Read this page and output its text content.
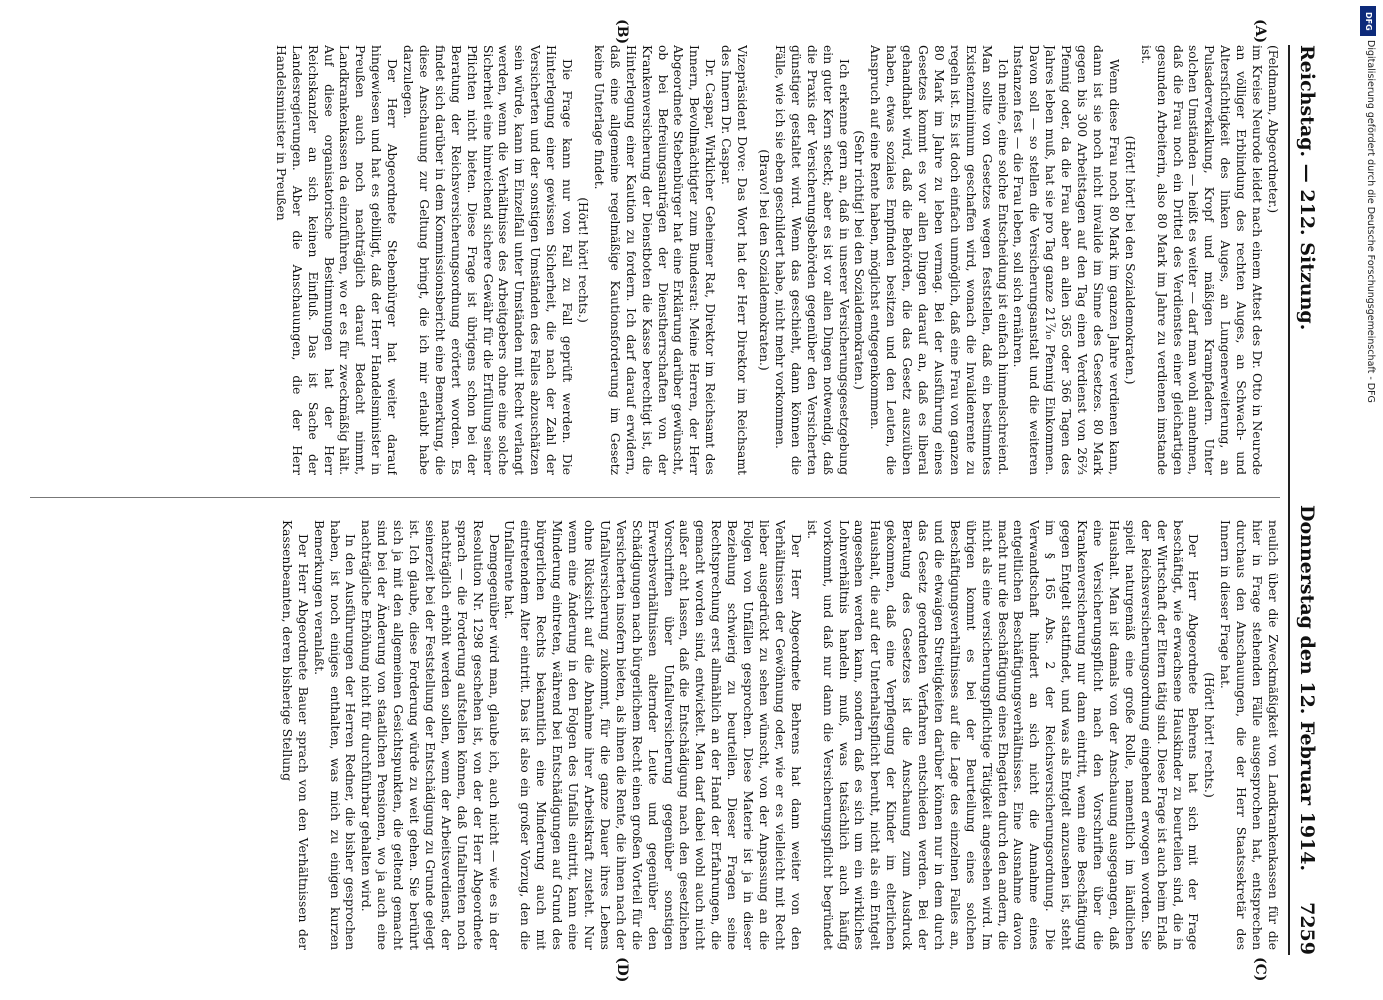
Reichstag. — 212. Sitzung.
Donnerstag den 12. Februar 1914.
7259

(Feldmann, Abgeordneter.)

im Kreise Neurode leidet nach einem Attest des Dr. Otto in Neurode an völliger Erblindung des rechten Auges, an Schwach- und Altersſichtigkeit des linken Auges, an Lungenerweiterung, an Pulsaderverkalkung, Kropf und mäßigen Krampfadern. Unter solchen Umständen — heißt es weiter — darf man wohl annehmen, daß die Frau noch ein Drittel des Verdienstes einer gleichartigen gesunden Arbeiterin, also 80 Mark im Jahre zu verdienen imstande ist.

(Hört! hört! bei den Sozialdemokraten.)

Wenn diese Frau noch 80 Mark im ganzen Jahre verdienen kann, dann ist sie noch nicht invalide im Sinne des Gesetzes. 80 Mark gegen bis 300 Arbeitstagen auf den Tag einen Verdienst von 26⅔ Pfennig oder, da die Frau aber an allen 365 oder 366 Tagen des Jahres leben muß, hat sie pro Tag ganze 21⁷⁄₁₀ Pfennig Einkommen. Davon soll — so stellen die Versicherungsanstalt und die weiteren Instanzen fest — die Frau leben, soll sich ernähren.

Ich meine, eine solche Entscheidung ist einfach himmelschreiend. Man sollte von Gesetzes wegen feststellen, daß ein bestimmtes Existenzminimum geschaffen wird, wonach die Invalidenrente zu regeln ist. Es ist doch einfach unmöglich, daß eine Frau von ganzen 80 Mark im Jahre zu leben vermag. Bei der Ausführung eines Gesetzes kommt es vor allen Dingen darauf an, daß es liberal gehandhabt wird, daß die Behörden, die das Gesetz auszuüben haben, etwas soziales Empfinden besitzen und den Leuten, die Anspruch auf eine Rente haben, möglichst entgegenkommen.

(Sehr richtig! bei den Sozialdemokraten.)

Ich erkenne gern an, daß in unserer Versicherungsgesetzgebung ein guter Kern steckt; aber es ist vor allen Dingen notwendig, daß die Praxis der Versicherungsbehörden gegenüber den Versicherten günstiger gestaltet wird. Wenn das geschieht, dann können die Fälle, wie ich sie eben geschildert habe, nicht mehr vorkommen.

(Bravo! bei den Sozialdemokraten.)

Vizepräsident Dove: Das Wort hat der Herr Direktor im Reichsamt des Innern Dr. Caspar.

Dr. Caspar, Wirklicher Geheimer Rat, Direktor im Reichsamt des Innern, Bevollmächtigter zum Bundesrat: Meine Herren, der Herr Abgeordnete Stebenbürger hat eine Erklärung darüber gewünscht, ob bei Befreiungsanträgen der Dienstherrschaften von der Krankenversicherung der Dienstboten die Kasse berechtigt ist, die Hinterlegung einer Kaution zu fordern. Ich darf darauf erwidern, daß eine allgemeine regelmäßige Kautionsforderung im Gesetz keine Unterlage findet.

(Hört! hört! rechts.)

Die Frage kann nur von Fall zu Fall geprüft werden. Die Hinterlegung einer gewissen Sicherheit, die nach der Zahl der Versicherten und der sonstigen Umständen des Falles abzuschätzen sein würde, kann im Einzelfall unter Umständen mit Recht verlangt werden, wenn die Verhältnisse des Arbeitgebers ohne eine solche Sicherheit eine hinreichend sichere Gewähr für die Erfüllung seiner Pflichten nicht bieten. Diese Frage ist übrigens schon bei der Beratung der Reichsversicherungsordnung erörtert worden. Es findet sich darüber in dem Kommissionsbericht eine Bemerkung, die diese Anschauung zur Geltung bringt, die ich mir erlaubt habe darzulegen.

Der Herr Abgeordnete Stebenbürger hat weiter darauf hingewiesen und hat es gebilligt, daß der Herr Handelsminister in Preußen auch noch nachträglich darauf Bedacht nimmt, Landkrankenkassen da einzuführen, wo er es für zweckmäßig hält. Auf diese organisatorische Bestimmungen hat der Herr Reichskanzler an sich keinen Einfluß. Das ist Sache der Landesregierungen. Aber die Anschauungen, die der Herr Handelsminister in Preußen

neulich über die Zweckmäßigkeit von Landkrankenkassen für die hier in Frage stehenden Fälle ausgesprochen hat, entsprechen durchaus den Anschauungen, die der Herr Staatssekretär des Innern in dieser Frage hat.

(Hört! hört! rechts.)

Der Herr Abgeordnete Behrens hat sich mit der Frage beschäftigt, wie erwachsene Hauskinder zu beurteilen sind, die in der Wirtschaft der Eltern tätig sind. Diese Frage ist auch beim Erlaß der Reichsversicherungsordnung eingehend erwogen worden. Sie spielt naturgemäß eine große Rolle, namentlich im ländlichen Haushalt. Man ist damals von der Anschauung ausgegangen, daß eine Versicherungspflicht nach den Vorschriften über die Krankenversicherung nur dann eintritt, wenn eine Beschäftigung gegen Entgelt stattfindet, und was als Entgelt anzusehen ist, steht im § 165 Abs. 2 der Reichsversicherungsordnung. Die Verwandtschaft hindert an sich nicht die Annahme eines entgeltlichen Beschäftigungsverhältnisses. Eine Ausnahme davon macht nur die Beschäftigung eines Ehegatten durch den andern, die nicht als eine versicherungspflichtige Tätigkeit angesehen wird. Im übrigen kommt es bei der Beurteilung eines solchen Beschäftigungsverhältnisses auf die Lage des einzelnen Falles an, und die etwaigen Streitigkeiten darüber können nur in dem durch das Gesetz geordneten Verfahren entschieden werden. Bei der Beratung des Gesetzes ist die Anschauung zum Ausdruck gekommen, daß eine Verpflegung der Kinder im elterlichen Haushalt, die auf der Unterhaltspflicht beruht, nicht als ein Entgelt angesehen werden kann, sondern daß es sich um ein wirkliches Lohnverhältnis handeln muß, was tatsächlich auch häufig vorkommt, und daß nur dann die Versicherungspflicht begründet ist.

Der Herr Abgeordnete Behrens hat dann weiter von den Verhältnissen der Gewöhnung oder, wie er es vielleicht mit Recht lieber ausgedrückt zu sehen wünscht, von der Anpassung an die Folgen von Unfällen gesprochen. Diese Materie ist ja in dieser Beziehung schwierig zu beurteilen. Dieser Fragen seine Rechtsprechung erst allmählich an der Hand der Erfahrungen, die gemacht worden sind, entwickelt. Man darf dabei wohl auch nicht außer acht lassen, daß die Entschädigung nach den gesetzlichen Vorschriften über Unfallversicherung gegenüber sonstigen Erwerbsverhältnissen alternder Leute und gegenüber den Schädigungen nach bürgerlichem Recht einen großen Vorteil für die Versicherten insofern bieten, als ihnen die Rente, die ihnen nach der Unfallversicherung zukommt, für die ganze Dauer ihres Lebens ohne Rücksicht auf die Abnahme ihrer Arbeitskraft zusteht. Nur wenn eine Änderung in den Folgen des Unfalls eintritt, kann eine Minderung eintreten, während bei Entschädigungen auf Grund des bürgerlichen Rechts bekanntlich eine Minderung auch mit eintretendem Alter eintritt. Das ist also ein großer Vorzug, den die Unfallrente hat.

Demgegenüber wird man, glaube ich, auch nicht — wie es in der Resolution Nr. 1298 geschehen ist, von der der Herr Abgeordnete sprach — die Forderung aufstellen können, daß Unfallrenten noch nachträglich erhöht werden sollen, wenn der Arbeitsverdienst, der seinerzeit bei der Feststellung der Entschädigung zu Grunde gelegt ist. Ich glaube, diese Forderung würde zu weit gehen. Sie berührt sich ja mit den allgemeinen Gesichtspunkten, die geltend gemacht sind bei der Änderung von staatlichen Pensionen, wo ja auch eine nachträgliche Erhöhung nicht für durchführbar gehalten wird.

In den Ausführungen der Herren Redner, die bisher gesprochen haben, ist noch einiges enthalten, was mich zu einigen kurzen Bemerkungen veranlaßt.

Der Herr Abgeordnete Bauer sprach von den Verhältnissen der Kassenbeamten, deren bisherige Stellung

(A)
(B)
(C)
(D)
DFG
Digitalisierung gefördert durch die Deutsche Forschungsgemeinschaft - DFG
